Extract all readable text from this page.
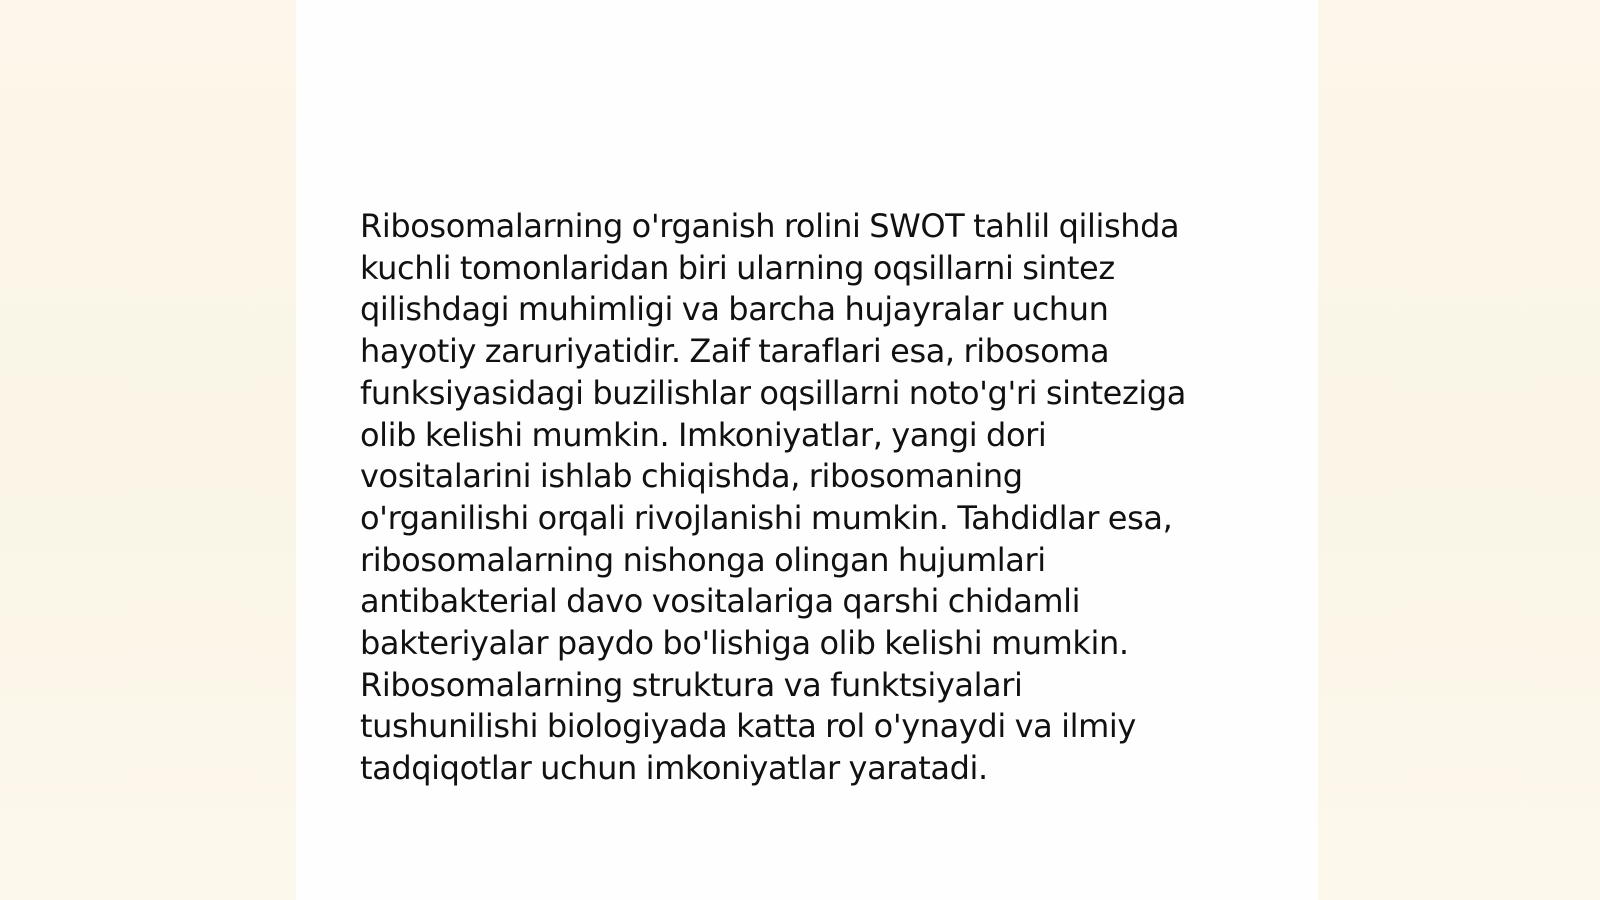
Ribosomalarning o'rganish rolini SWOT tahlil qilishda
kuchli tomonlaridan biri ularning oqsillarni sintez
qilishdagi muhimligi va barcha hujayralar uchun
hayotiy zaruriyatidir. Zaif taraflari esa, ribosoma
funksiyasidagi buzilishlar oqsillarni noto'g'ri sinteziga
olib kelishi mumkin. Imkoniyatlar, yangi dori
vositalarini ishlab chiqishda, ribosomaning
o'rganilishi orqali rivojlanishi mumkin. Tahdidlar esa,
ribosomalarning nishonga olingan hujumlari
antibakterial davo vositalariga qarshi chidamli
bakteriyalar paydo bo'lishiga olib kelishi mumkin.
Ribosomalarning struktura va funktsiyalari
tushunilishi biologiyada katta rol o'ynaydi va ilmiy
tadqiqotlar uchun imkoniyatlar yaratadi.
